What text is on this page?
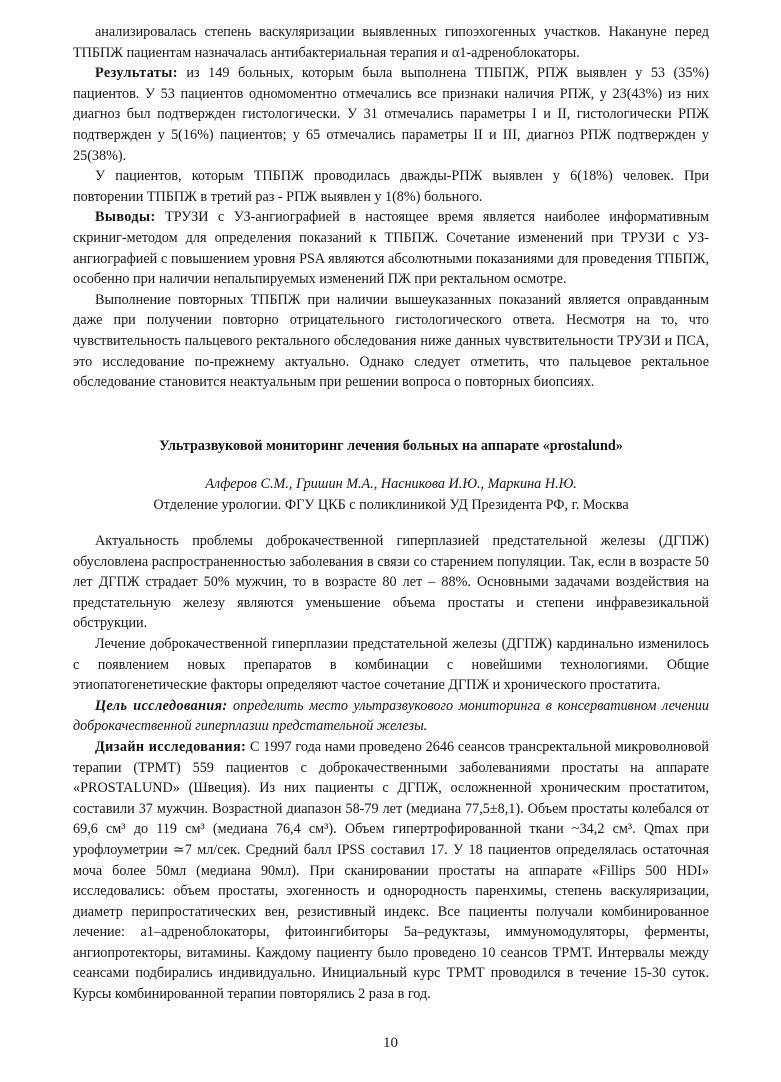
анализировалась степень васкуляризации выявленных гипоэхогенных участков. Накануне перед ТПБПЖ пациентам назначалась антибактериальная терапия и α1-адреноблокаторы.

Результаты: из 149 больных, которым была выполнена ТПБПЖ, РПЖ выявлен у 53 (35%) пациентов. У 53 пациентов одномоментно отмечались все признаки наличия РПЖ, у 23(43%) из них диагноз был подтвержден гистологически. У 31 отмечались параметры I и II, гистологически РПЖ подтвержден у 5(16%) пациентов; у 65 отмечались параметры II и III, диагноз РПЖ подтвержден у 25(38%).

У пациентов, которым ТПБПЖ проводилась дважды-РПЖ выявлен у 6(18%) человек. При повторении ТПБПЖ в третий раз - РПЖ выявлен у 1(8%) больного.

Выводы: ТРУЗИ с УЗ-ангиографией в настоящее время является наиболее информативным скриниг-методом для определения показаний к ТПБПЖ. Сочетание изменений при ТРУЗИ с УЗ-ангиографией с повышением уровня PSA являются абсолютными показаниями для проведения ТПБПЖ, особенно при наличии непальпируемых изменений ПЖ при ректальном осмотре.

Выполнение повторных ТПБПЖ при наличии вышеуказанных показаний является оправданным даже при получении повторно отрицательного гистологического ответа. Несмотря на то, что чувствительность пальцевого ректального обследования ниже данных чувствительности ТРУЗИ и ПСА, это исследование по-прежнему актуально. Однако следует отметить, что пальцевое ректальное обследование становится неактуальным при решении вопроса о повторных биопсиях.

Ультразвуковой мониторинг лечения больных на аппарате «prostalund»

Алферов С.М., Гришин М.А., Насникова И.Ю., Маркина Н.Ю.

Отделение урологии. ФГУ ЦКБ с поликлиникой УД Президента РФ, г. Москва

Актуальность проблемы доброкачественной гиперплазией предстательной железы (ДГПЖ) обусловлена распространенностью заболевания в связи со старением популяции. Так, если в возрасте 50 лет ДГПЖ страдает 50% мужчин, то в возрасте 80 лет – 88%. Основными задачами воздействия на предстательную железу являются уменьшение объема простаты и степени инфравезикальной обструкции.

Лечение доброкачественной гиперплазии предстательной железы (ДГПЖ) кардинально изменилось с появлением новых препаратов в комбинации с новейшими технологиями. Общие этиопатогенетические факторы определяют частое сочетание ДГПЖ и хронического простатита.

Цель исследования: определить место ультразвукового мониторинга в консервативном лечении доброкачественной гиперплазии предстательной железы.

Дизайн исследования: С 1997 года нами проведено 2646 сеансов трансректальной микроволновой терапии (ТРМТ) 559 пациентов с доброкачественными заболеваниями простаты на аппарате «PROSTALUND» (Швеция). Из них пациенты с ДГПЖ, осложненной хроническим простатитом, составили 37 мужчин. Возрастной диапазон 58-79 лет (медиана 77,5±8,1). Объем простаты колебался от 69,6 см³ до 119 см³ (медиана 76,4 см³). Объем гипертрофированной ткани ~34,2 см³. Qmax при урофлоуметрии ≃7 мл/сек. Средний балл IPSS составил 17. У 18 пациентов определялась остаточная моча более 50мл (медиана 90мл). При сканировании простаты на аппарате «Fillips 500 HDI» исследовались: объем простаты, эхогенность и однородность паренхимы, степень васкуляризации, диаметр перипростатических вен, резистивный индекс. Все пациенты получали комбинированное лечение: a1–адреноблокаторы, фитоингибиторы 5a–редуктазы, иммуномодуляторы, ферменты, ангиопротекторы, витамины. Каждому пациенту было проведено 10 сеансов ТРМТ. Интервалы между сеансами подбирались индивидуально. Инициальный курс ТРМТ проводился в течение 15-30 суток. Курсы комбинированной терапии повторялись 2 раза в год.

10
